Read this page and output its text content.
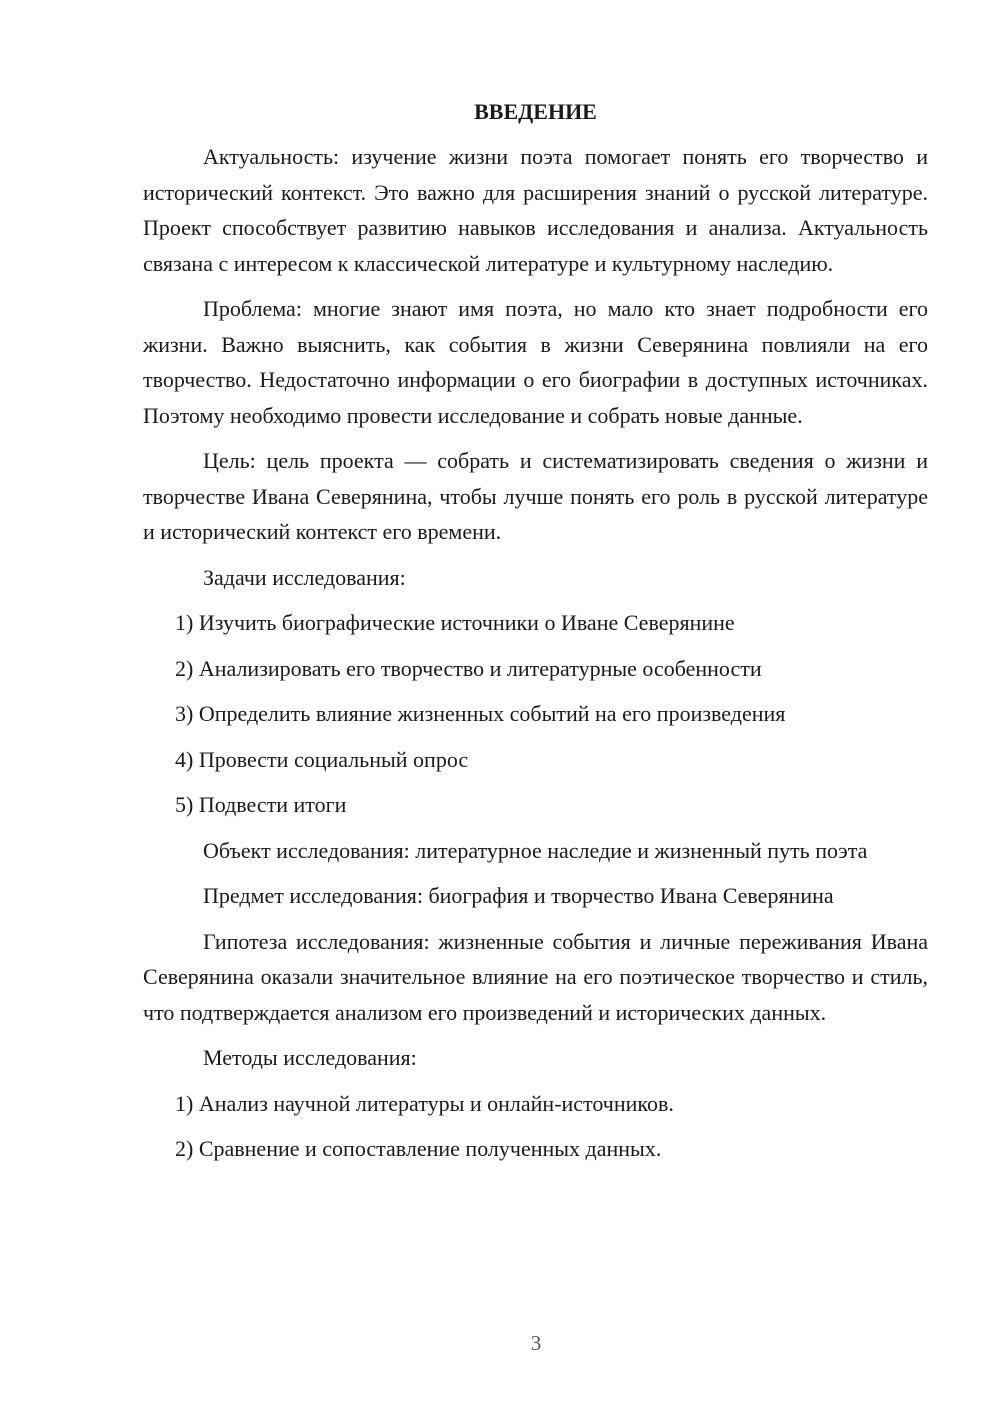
ВВЕДЕНИЕ

Актуальность: изучение жизни поэта помогает понять его творчество и исторический контекст. Это важно для расширения знаний о русской литературе. Проект способствует развитию навыков исследования и анализа. Актуальность связана с интересом к классической литературе и культурному наследию.

Проблема: многие знают имя поэта, но мало кто знает подробности его жизни. Важно выяснить, как события в жизни Северянина повлияли на его творчество. Недостаточно информации о его биографии в доступных источниках. Поэтому необходимо провести исследование и собрать новые данные.

Цель: цель проекта — собрать и систематизировать сведения о жизни и творчестве Ивана Северянина, чтобы лучше понять его роль в русской литературе и исторический контекст его времени.

Задачи исследования:

1) Изучить биографические источники о Иване Северянине
2) Анализировать его творчество и литературные особенности
3) Определить влияние жизненных событий на его произведения
4) Провести социальный опрос
5) Подвести итоги

Объект исследования: литературное наследие и жизненный путь поэта

Предмет исследования: биография и творчество Ивана Северянина

Гипотеза исследования: жизненные события и личные переживания Ивана Северянина оказали значительное влияние на его поэтическое творчество и стиль, что подтверждается анализом его произведений и исторических данных.

Методы исследования:

1) Анализ научной литературы и онлайн-источников.
2) Сравнение и сопоставление полученных данных.
3
